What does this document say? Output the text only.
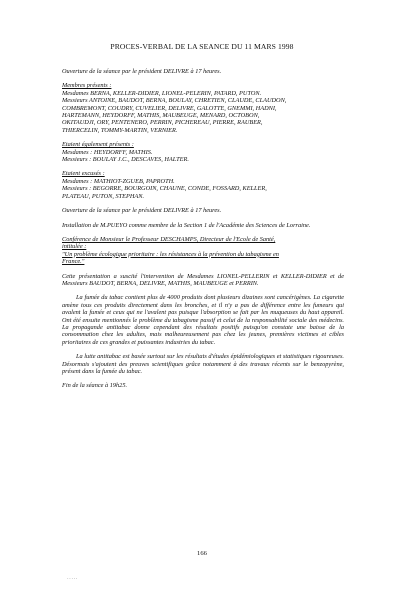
PROCES-VERBAL DE LA SEANCE DU 11 MARS 1998

Ouverture de la séance par le président DELIVRE à 17 heures.

Membres présents :
Mesdames BERNA, KELLER-DIDIER, LIONEL-PELERIN, PATARD, PUTON.
Messieurs ANTOINE, BAUDOT, BERNA, BOULAY, CHRETIEN, CLAUDE, CLAUDON,
COMBREMONT, COUDRY, CUVELIER, DELIVRE, GALOTTE, GNEMMI, HADNI,
HARTEMANN, HEYDORFF, MATHIS, MAUBEUGE, MENARD, OCTOBON,
OKITAUDJI, ORY, PENTENERO, PERRIN, PICHEREAU, PIERRE, RAUBER,
THIERCELIN, TOMMY-MARTIN, VERNIER.

Etaient également présents :
Mesdames : HEYDORFF, MATHIS.
Messieurs : BOULAY J.C., DESCAVES, HALTER.

Etaient excusés :
Mesdames : MATHIOT-ZGUEB, PAPROTH.
Messieurs : BEGORRE, BOURGOIN, CHAUNE, CONDE, FOSSARD, KELLER,
PLATEAU, PUTON, STEPHAN.

Ouverture de la séance par le président DELIVRE à 17 heures.

Installation de M.PUEYO comme membre de la Section 1 de l'Académie des Sciences de Lorraine.

Conférence de Monsieur le Professeur DESCHAMPS, Directeur de l'Ecole de Santé,
intitulée :
"Un problème écologique prioritaire : les résistances à la prévention du tabagisme en
France."

Cette présentation a suscité l'intervention de Mesdames LIONEL-PELLERIN et KELLER-DIDIER et de Messieurs BAUDOT, BERNA, DELIVRE, MATHIS, MAUBEUGE et PERRIN.

La fumée du tabac contient plus de 4000 produits dont plusieurs dizaines sont cancérigènes. La cigarette amène tous ces produits directement dans les bronches, et il n'y a pas de différence entre les fumeurs qui avalent la fumée et ceux qui ne l'avalent pas puisque l'absorption se fait par les muqueuses du haut appareil. Ont été ensuite mentionnés le problème du tabagisme passif et celui de la responsabilité sociale des médecins. La propagande antitabac donne cependant des résultats positifs puisqu'on constate une baisse de la consommation chez les adultes, mais malheureusement pas chez les jeunes, premières victimes et cibles prioritaires de ces grandes et puissantes industries du tabac.

La lutte antitabac est basée surtout sur les résultats d'études épidémiologiques et statistiques rigoureuses. Désormais s'ajoutent des preuves scientifiques grâce notamment à des travaux récents sur le benzopyrène, présent dans la fumée du tabac.

Fin de la séance à 19h25.

166
·····
